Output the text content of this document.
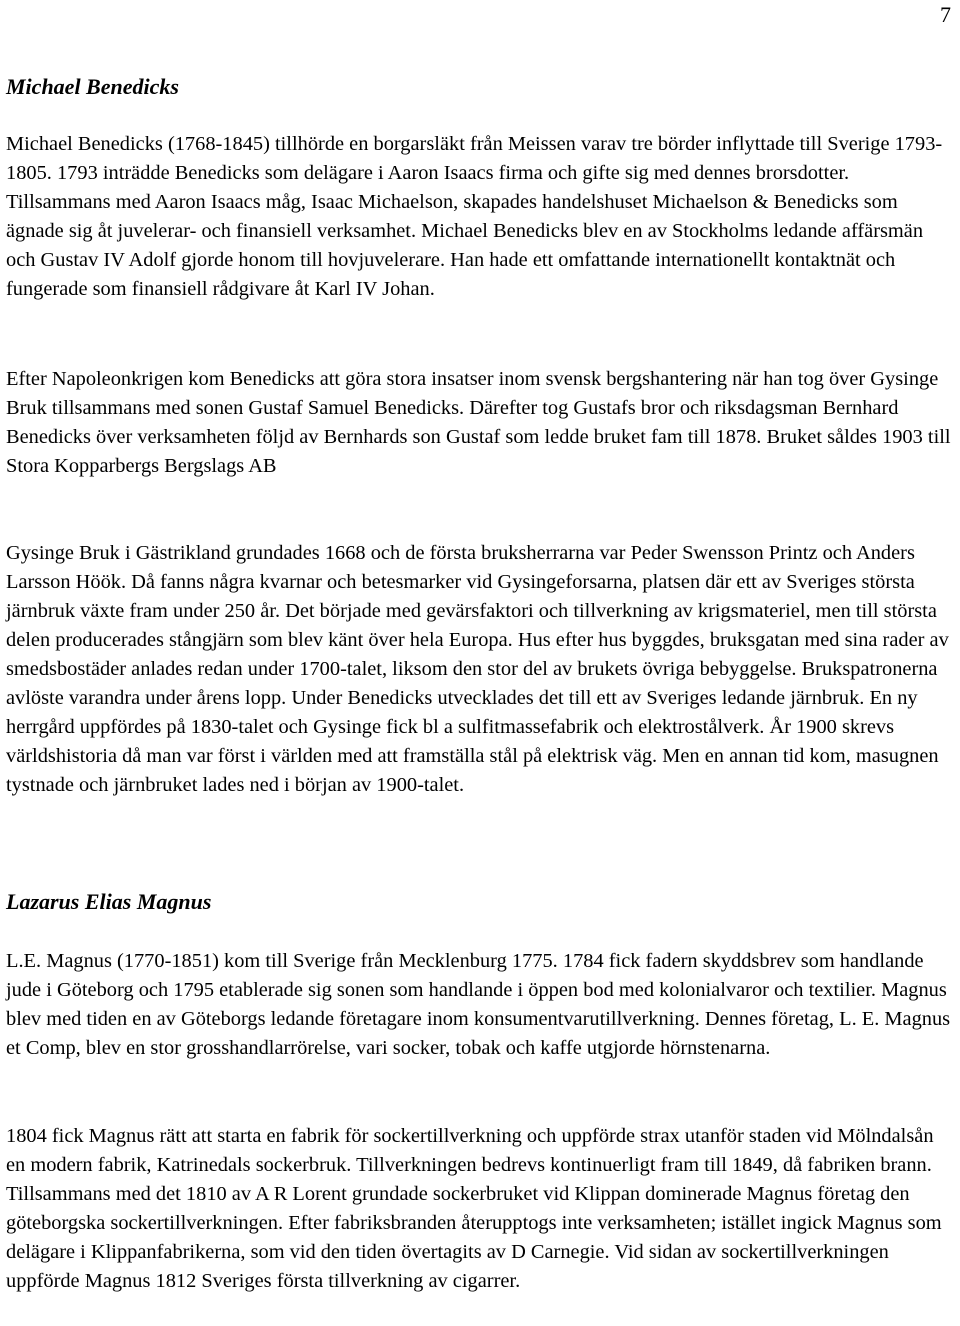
7
Michael Benedicks

Michael Benedicks (1768-1845) tillhörde en borgarsläkt från Meissen varav tre börder inflyttade till Sverige 1793-1805. 1793 inträdde Benedicks som delägare i Aaron Isaacs firma och gifte sig med dennes brorsdotter. Tillsammans med Aaron Isaacs måg, Isaac Michaelson, skapades handelshuset Michaelson & Benedicks som ägnade sig åt juvelerar- och finansiell verksamhet. Michael Benedicks blev en av Stockholms ledande affärsmän och Gustav IV Adolf gjorde honom till hovjuvelerare. Han hade ett omfattande internationellt kontaktnät och fungerade som finansiell rådgivare åt Karl IV Johan.

Efter Napoleonkrigen kom Benedicks att göra stora insatser inom svensk bergshantering när han tog över Gysinge Bruk tillsammans med sonen Gustaf Samuel Benedicks. Därefter tog Gustafs bror och riksdagsman Bernhard Benedicks över verksamheten följd av Bernhards son Gustaf som ledde bruket fam till 1878. Bruket såldes 1903 till Stora Kopparbergs Bergslags AB

Gysinge Bruk i Gästrikland grundades 1668 och de första bruksherrarna var Peder Swensson Printz och Anders Larsson Höök. Då fanns några kvarnar och betesmarker vid Gysingeforsarna, platsen där ett av Sveriges största järnbruk växte fram under 250 år. Det började med gevärsfaktori och tillverkning av krigsmateriel, men till största delen producerades stångjärn som blev känt över hela Europa. Hus efter hus byggdes, bruksgatan med sina rader av smedsbostäder anlades redan under 1700-talet, liksom den stor del av brukets övriga bebyggelse. Brukspatronerna avlöste varandra under årens lopp. Under Benedicks utvecklades det till ett av Sveriges ledande järnbruk. En ny herrgård uppfördes på 1830-talet och Gysinge fick bl a sulfitmassefabrik och elektrostålverk. År 1900 skrevs världshistoria då man var först i världen med att framställa stål på elektrisk väg. Men en annan tid kom, masugnen tystnade och järnbruket lades ned i början av 1900-talet.

Lazarus Elias Magnus

L.E. Magnus (1770-1851) kom till Sverige från Mecklenburg 1775. 1784 fick fadern skyddsbrev som handlande jude i Göteborg och 1795 etablerade sig sonen som handlande i öppen bod med kolonialvaror och textilier. Magnus blev med tiden en av Göteborgs ledande företagare inom konsumentvarutillverkning. Dennes företag, L. E. Magnus et Comp, blev en stor grosshandlarrörelse, vari socker, tobak och kaffe utgjorde hörnstenarna.

1804 fick Magnus rätt att starta en fabrik för sockertillverkning och uppförde strax utanför staden vid Mölndalsån en modern fabrik, Katrinedals sockerbruk. Tillverkningen bedrevs kontinuerligt fram till 1849, då fabriken brann. Tillsammans med det 1810 av A R Lorent grundade sockerbruket vid Klippan dominerade Magnus företag den göteborgska sockertillverkningen. Efter fabriksbranden återupptogs inte verksamheten; istället ingick Magnus som delägare i Klippanfabrikerna, som vid den tiden övertagits av D Carnegie. Vid sidan av sockertillverkningen uppförde Magnus 1812 Sveriges första tillverkning av cigarrer.
